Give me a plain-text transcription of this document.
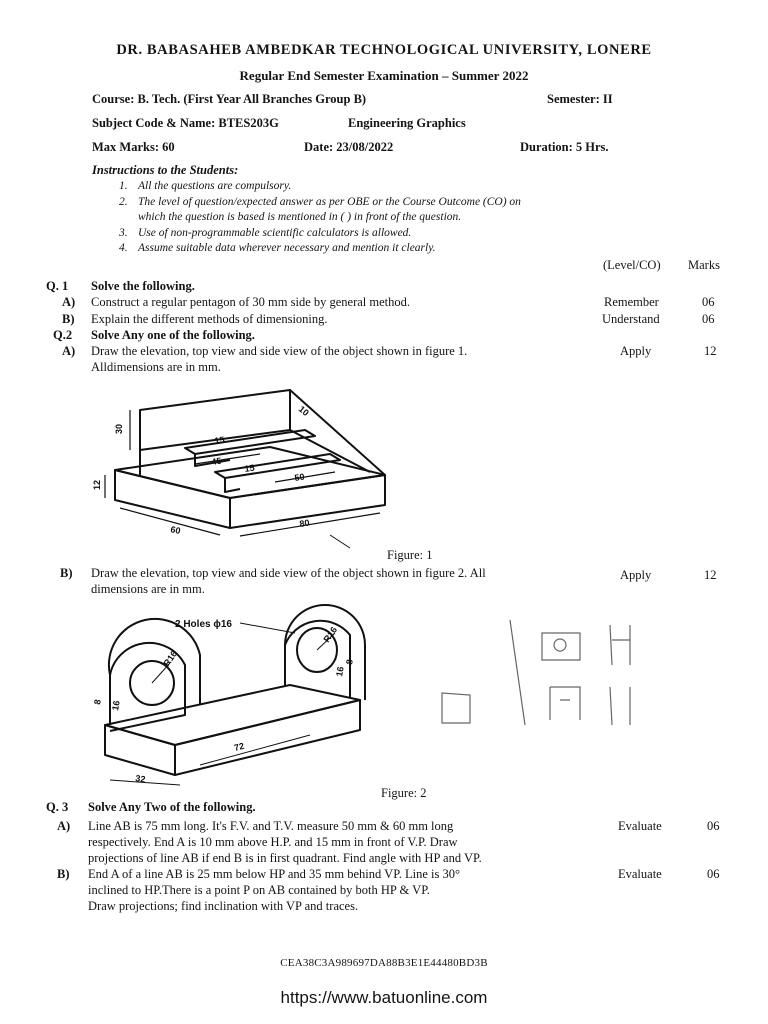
DR. BABASAHEB AMBEDKAR TECHNOLOGICAL UNIVERSITY, LONERE
Regular End Semester Examination – Summer 2022
Course: B. Tech. (First Year All Branches Group B)	Semester: II
Subject Code & Name: BTES203G	Engineering Graphics
Max Marks: 60	Date: 23/08/2022	Duration: 5 Hrs.
Instructions to the Students:
1. All the questions are compulsory.
2. The level of question/expected answer as per OBE or the Course Outcome (CO) on
which the question is based is mentioned in ( ) in front of the question.
3. Use of non-programmable scientific calculators is allowed.
4. Assume suitable data wherever necessary and mention it clearly.
(Level/CO) Marks
Q. 1 Solve the following.
A) Construct a regular pentagon of 30 mm side by general method.	Remember	06
B) Explain the different methods of dimensioning.	Understand	06
Q.2 Solve Any one of the following.
A) Draw the elevation, top view and side view of the object shown in figure 1.
Alldimensions are in mm.
Apply	12
30
12
60
80
45
50
15
15
10
Figure: 1
B) Draw the elevation, top view and side view of the object shown in figure 2. All
dimensions are in mm.
Apply	12
2 Holes ϕ16
R16
R16
16
16
8
8
72
32
Figure: 2
Q. 3 Solve Any Two of the following.
A) Line AB is 75 mm long. It's F.V. and T.V. measure 50 mm & 60 mm long
respectively. End A is 10 mm above H.P. and 15 mm in front of V.P. Draw
projections of line AB if end B is in first quadrant. Find angle with HP and VP.
Evaluate	06
B) End A of a line AB is 25 mm below HP and 35 mm behind VP. Line is 30°
inclined to HP.There is a point P on AB contained by both HP & VP.
Draw projections; find inclination with VP and traces.
Evaluate	06
CEA38C3A989697DA88B3E1E44480BD3B
https://www.batuonline.com
